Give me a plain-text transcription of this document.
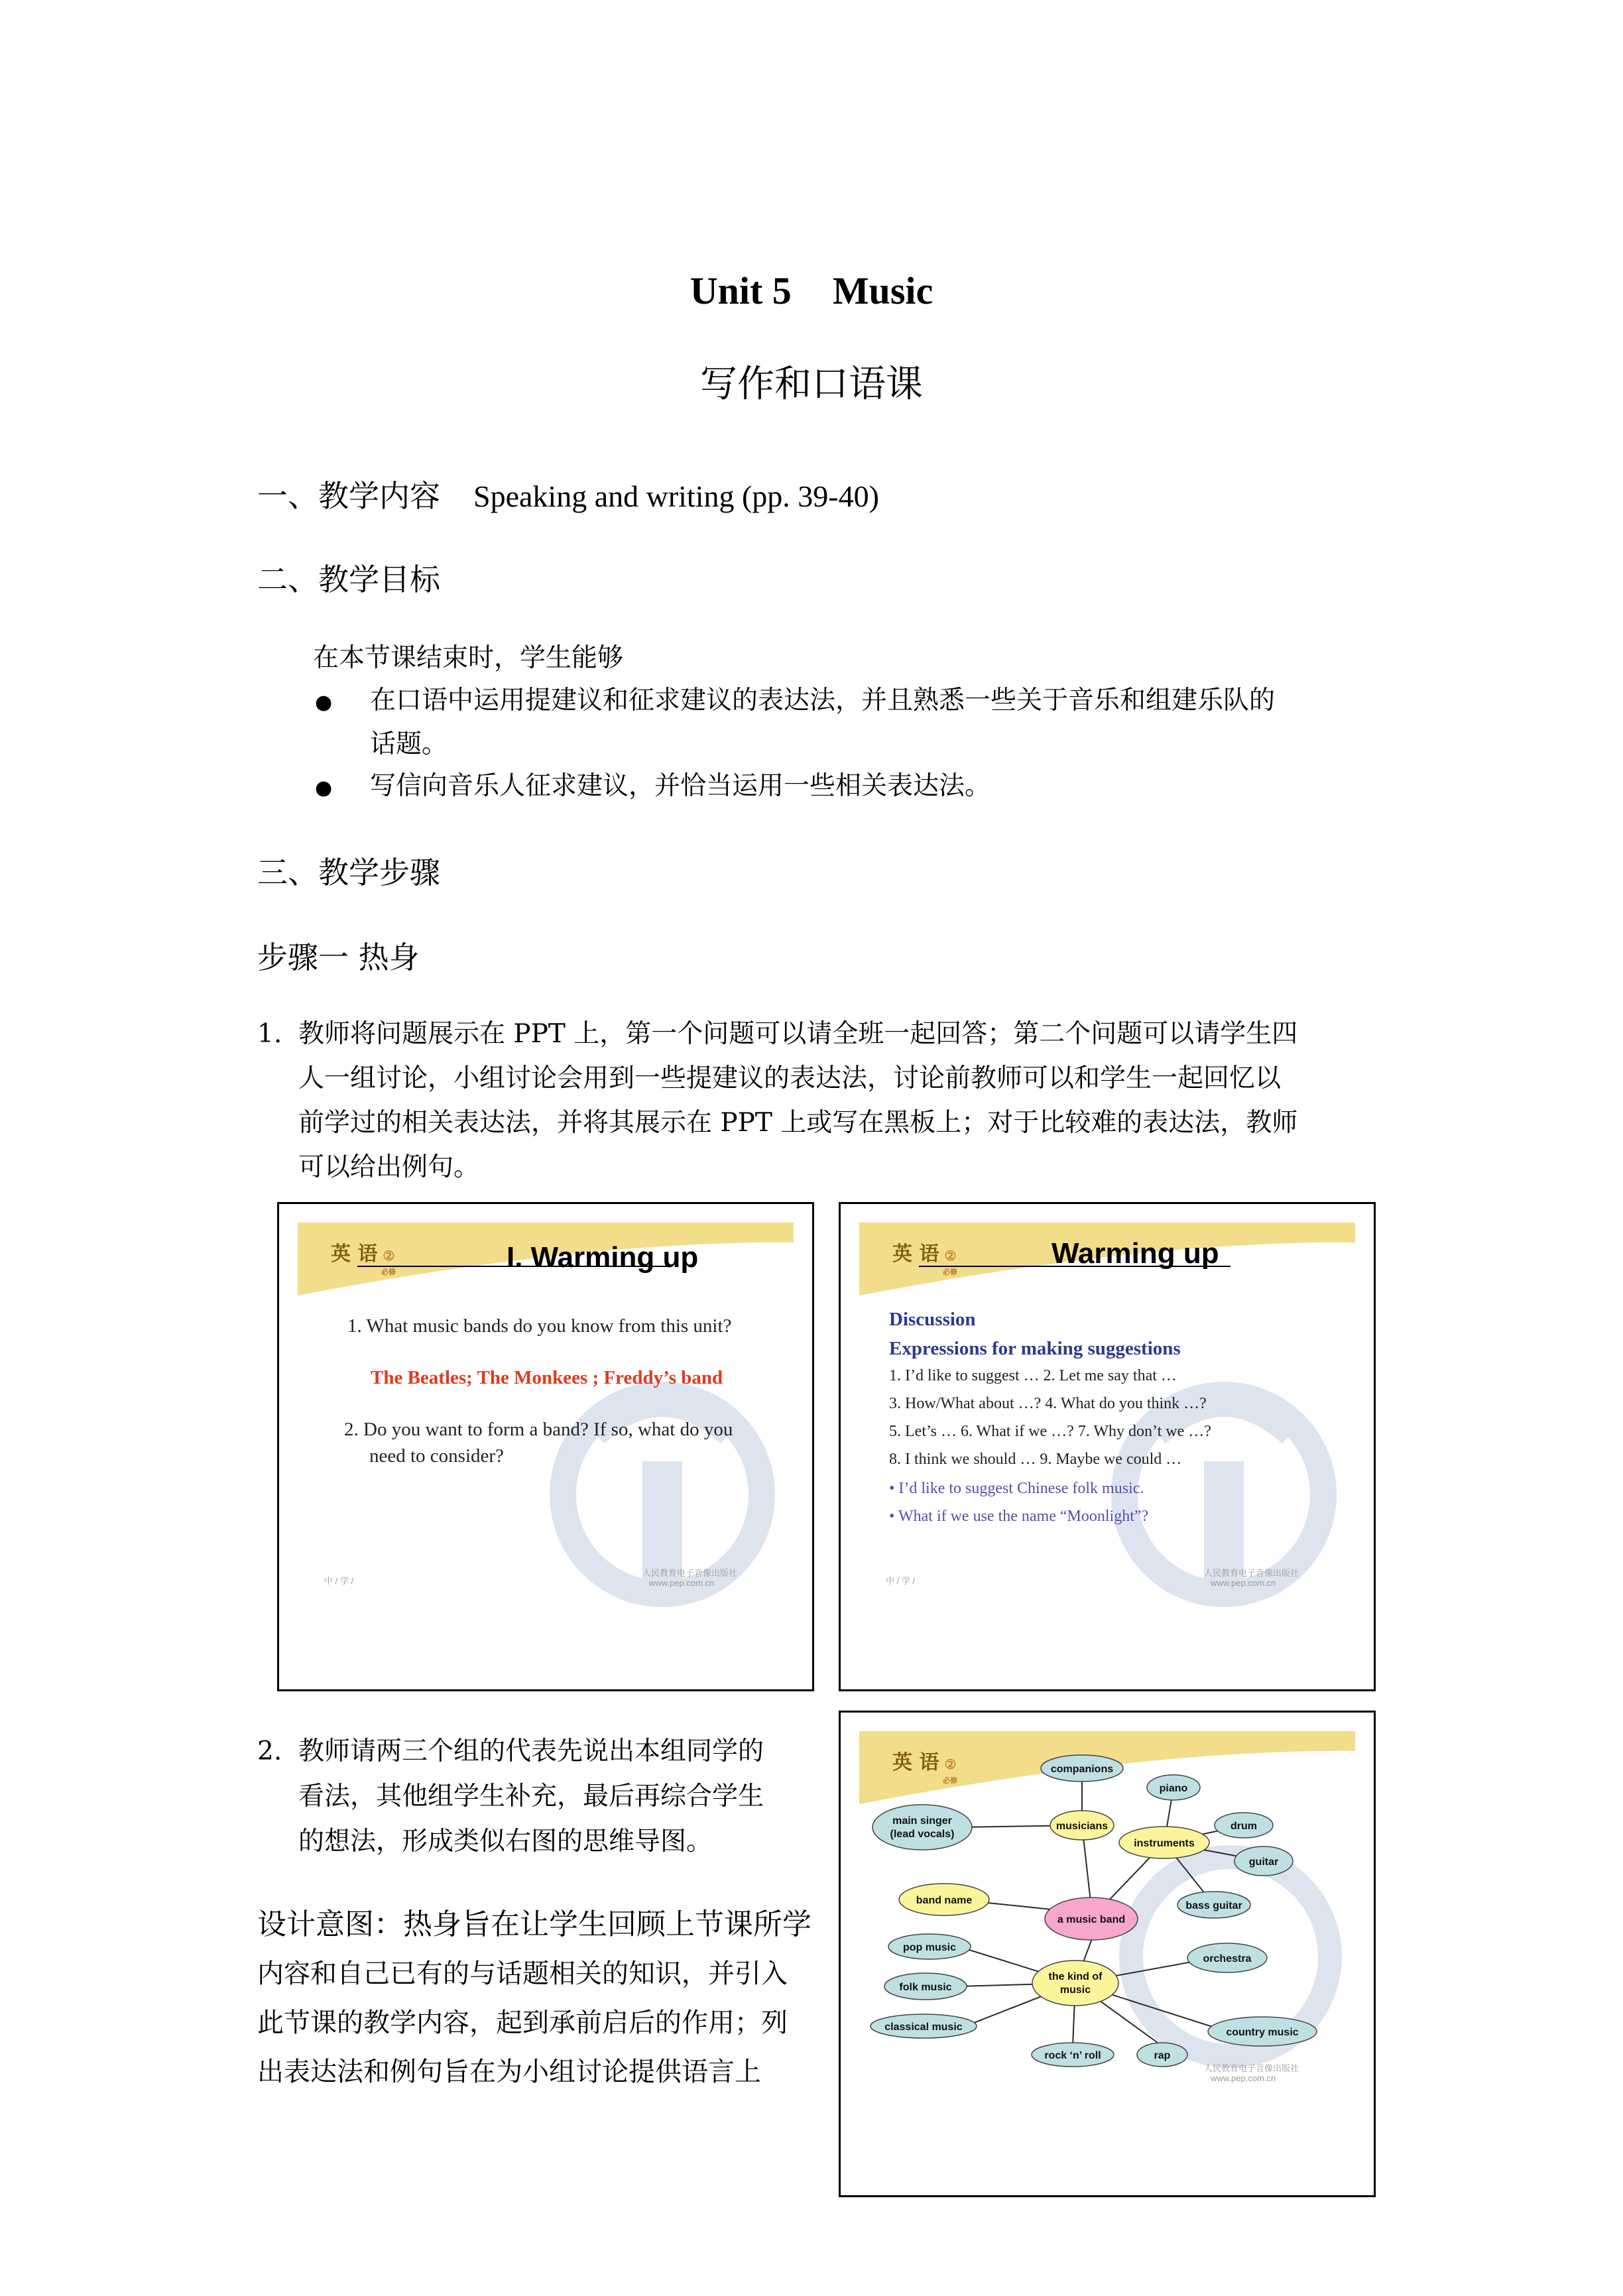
Unit 5 Music
写作和口语课
一、教学内容 Speaking and writing (pp. 39-40)
二、教学目标
在本节课结束时，学生能够
● 在口语中运用提建议和征求建议的表达法，并且熟悉一些关于音乐和组建乐队的
话题。
● 写信向音乐人征求建议，并恰当运用一些相关表达法。
三、教学步骤
步骤一 热身
1. 教师将问题展示在 PPT 上，第一个问题可以请全班一起回答；第二个问题可以请学生四
人一组讨论，小组讨论会用到一些提建议的表达法，讨论前教师可以和学生一起回忆以
前学过的相关表达法，并将其展示在 PPT 上或写在黑板上；对于比较难的表达法，教师
可以给出例句。
英 语 ②
必修	I. Warming up
1. What music bands do you know from this unit?
The Beatles; The Monkees ; Freddy’s band
2. Do you want to form a band? If so, what do you
need to consider?
中 / 学 /
人民教育电子音像出版社
www.pep.com.cn
英 语 ②
必修
Warming up
Discussion
Expressions for making suggestions
1. I’d like to suggest … 2. Let me say that …
3. How/What about …? 4. What do you think …?
5. Let’s … 6. What if we …? 7. Why don’t we …?
8. I think we should … 9. Maybe we could …
• I’d like to suggest Chinese folk music.
• What if we use the name “Moonlight”?
中 / 学 /
人民教育电子音像出版社
www.pep.com.cn
2. 教师请两三个组的代表先说出本组同学的
看法，其他组学生补充，最后再综合学生
的想法，形成类似右图的思维导图。
设计意图：热身旨在让学生回顾上节课所学
内容和自己已有的与话题相关的知识，并引入
此节课的教学内容，起到承前启后的作用；列
出表达法和例句旨在为小组讨论提供语言上
英 语 ②
必修
a music band
musicians
companions
main singer
(lead vocals)
instruments
piano
drum
guitar
bass guitar
band name
the kind of
music
pop music
folk music
classical music
rock ‘n’ roll	rap
country music
orchestra
人民教育电子音像出版社
www.pep.com.cn
